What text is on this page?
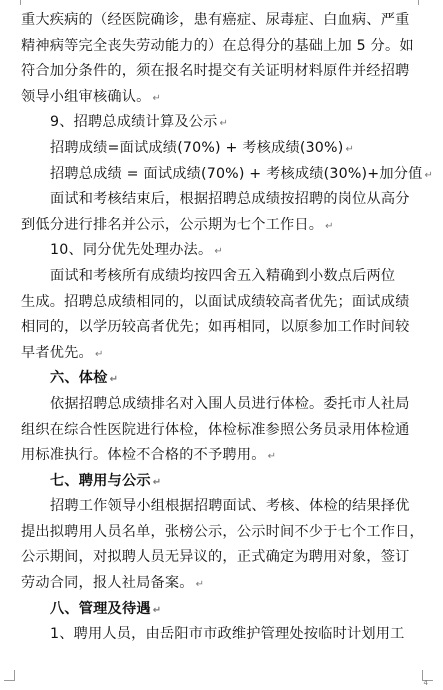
重大疾病的（经医院确诊，患有癌症、尿毒症、白血病、严重
精神病等完全丧失劳动能力的）在总得分的基础上加 5 分。如
符合加分条件的，须在报名时提交有关证明材料原件并经招聘
领导小组审核确认。 ↵
9、招聘总成绩计算及公示 ↵
招聘成绩=面试成绩(70%) + 考核成绩(30%) ↵
招聘总成绩 = 面试成绩(70%) + 考核成绩(30%)+加分值 ↵
面试和考核结束后，根据招聘总成绩按招聘的岗位从高分
到低分进行排名并公示，公示期为七个工作日。 ↵
10、同分优先处理办法。 ↵
面试和考核所有成绩均按四舍五入精确到小数点后两位
生成。招聘总成绩相同的，以面试成绩较高者优先；面试成绩
相同的，以学历较高者优先；如再相同，以原参加工作时间较
早者优先。 ↵
六、体检 ↵
依据招聘总成绩排名对入围人员进行体检。委托市人社局
组织在综合性医院进行体检，体检标准参照公务员录用体检通
用标准执行。体检不合格的不予聘用。 ↵
七、聘用与公示 ↵
招聘工作领导小组根据招聘面试、考核、体检的结果择优
提出拟聘用人员名单，张榜公示，公示时间不少于七个工作日，
公示期间，对拟聘人员无异议的，正式确定为聘用对象，签订
劳动合同，报人社局备案。 ↵
八、管理及待遇 ↵
1、聘用人员，由岳阳市市政维护管理处按临时计划用工
4
